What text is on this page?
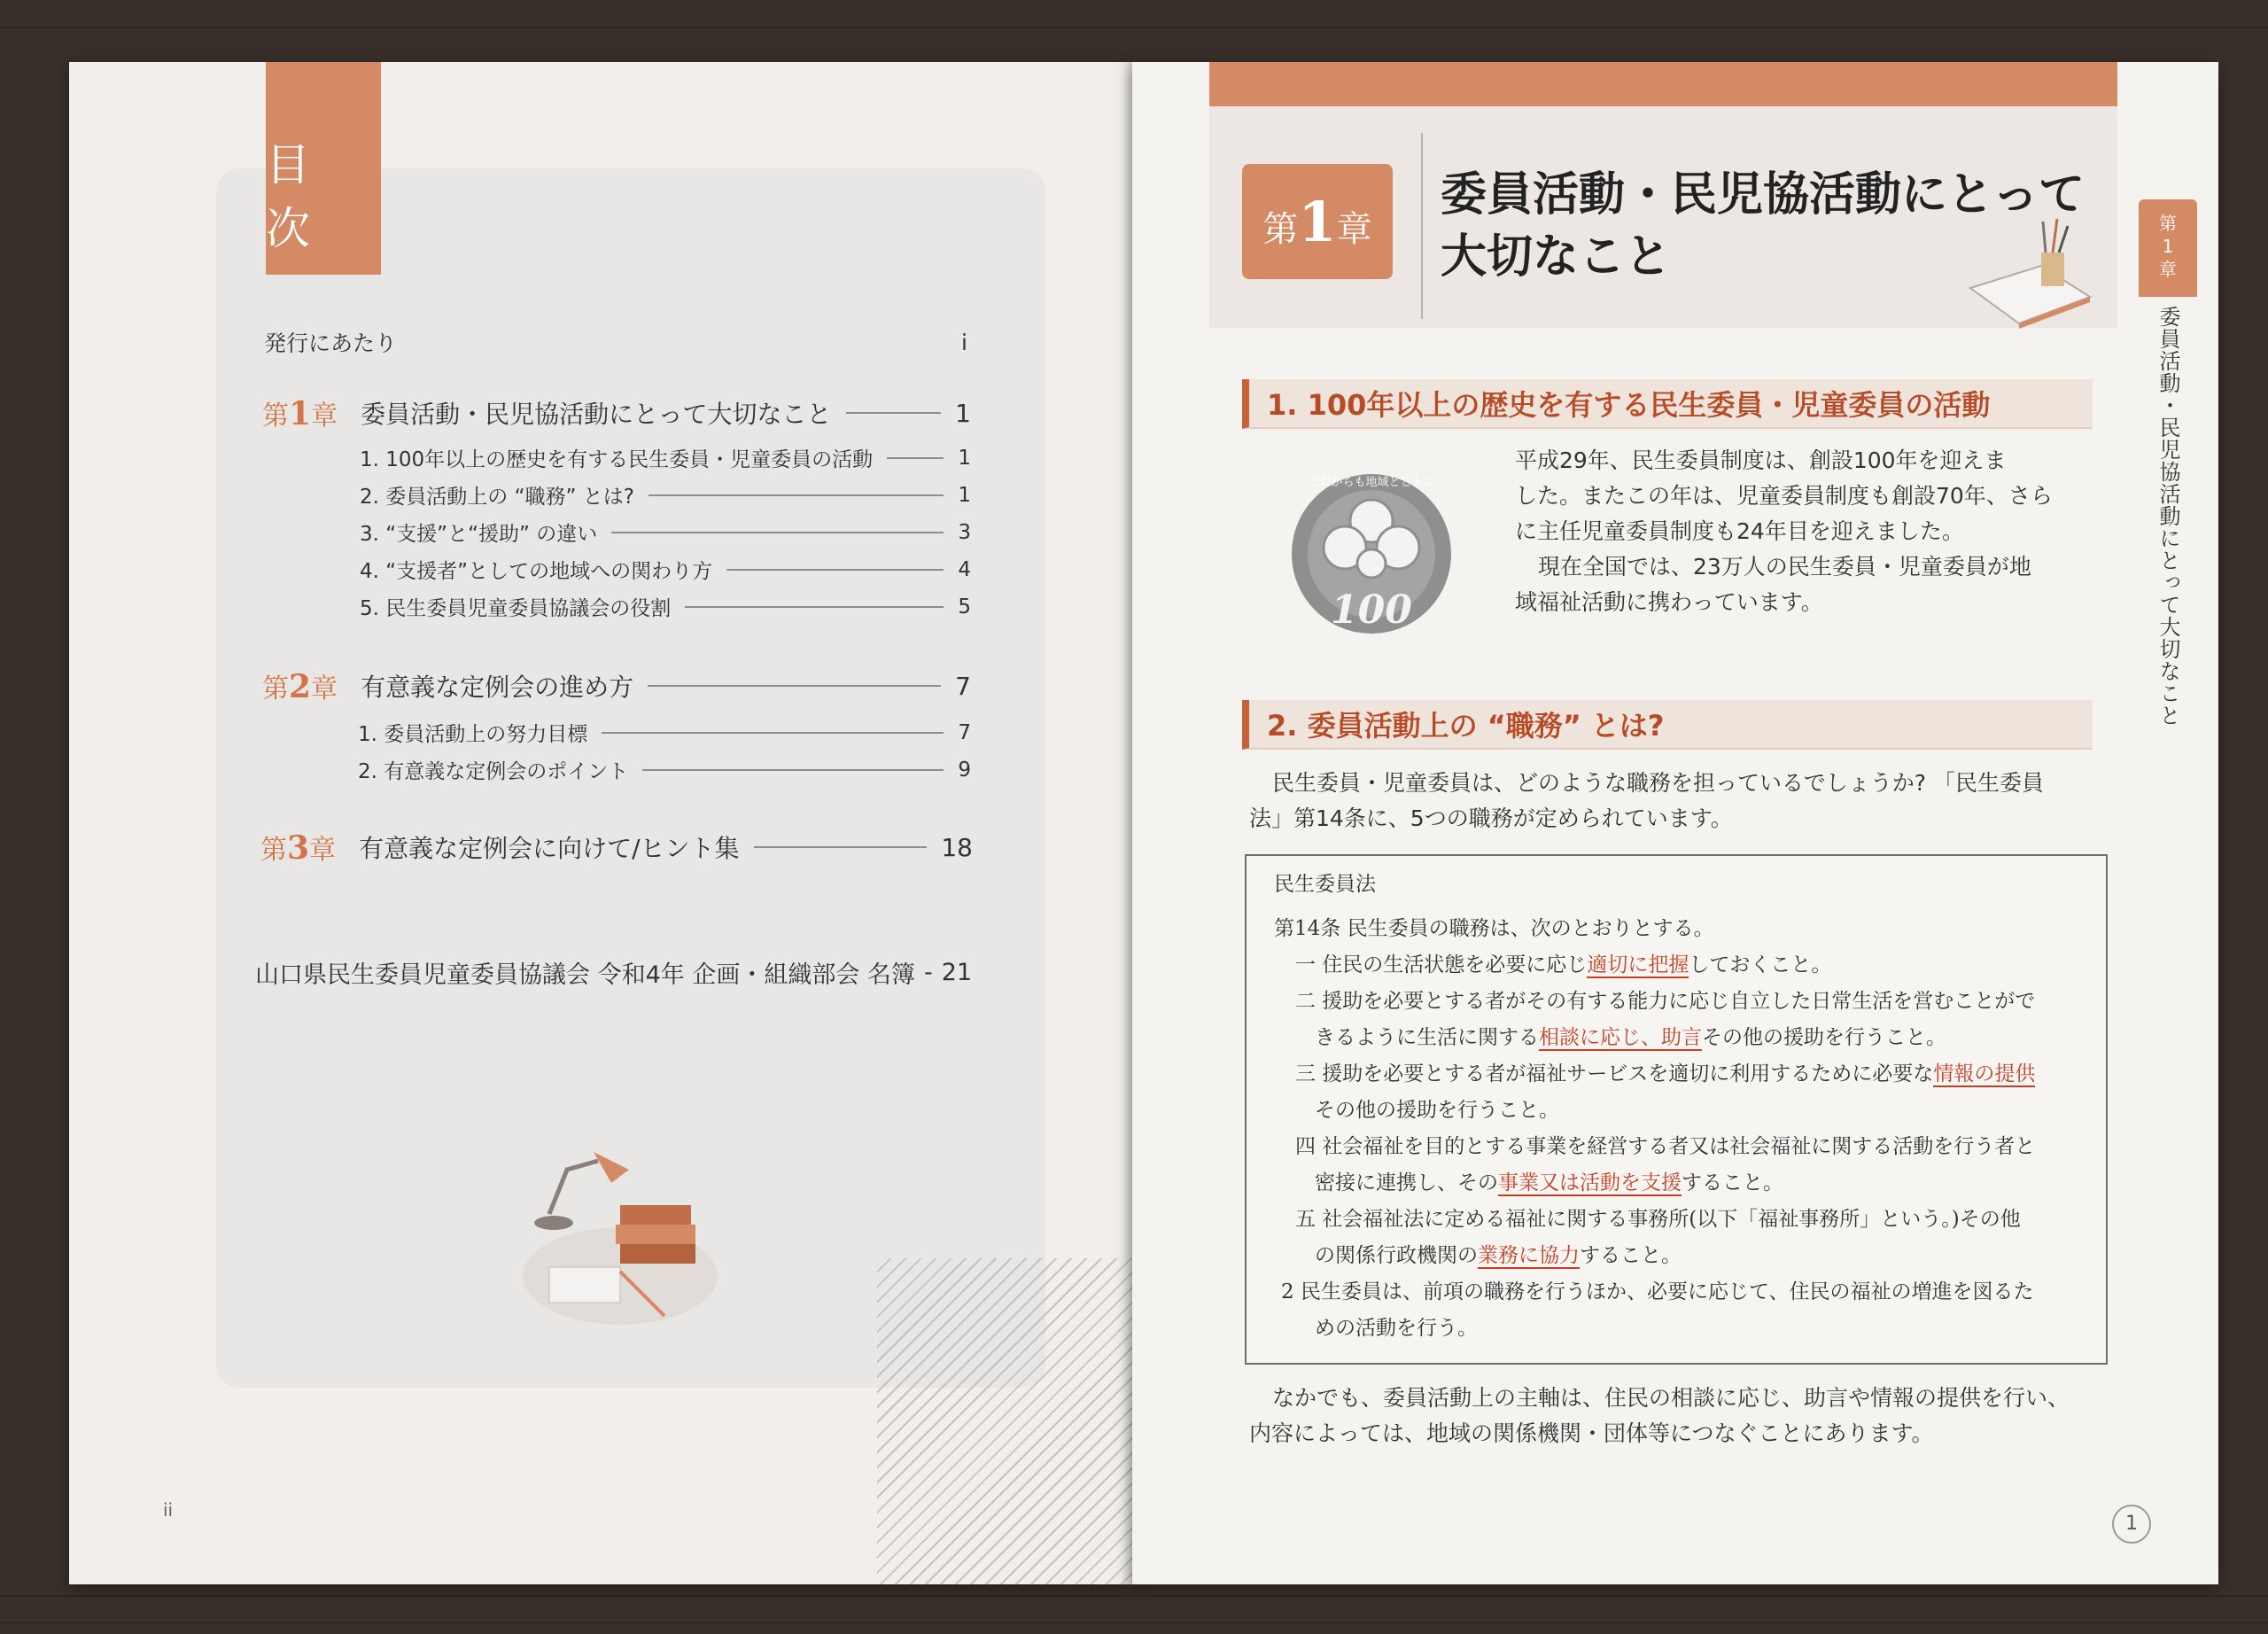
目 次
発行にあたり	i
第1章 委員活動・民児協活動にとって大切なこと	1
1. 100年以上の歴史を有する民生委員・児童委員の活動	1
2. 委員活動上の “職務” とは?	1
3. “支援”と“援助” の違い	3
4. “支援者”としての地域への関わり方	4
5. 民生委員児童委員協議会の役割	5
第2章 有意義な定例会の進め方	7
1. 委員活動上の努力目標	7
2. 有意義な定例会のポイント	9
第3章 有意義な定例会に向けて/ヒント集	18
山口県民生委員児童委員協議会 令和4年 企画・組織部会 名簿 - 21
ii
第1章
委員活動・民児協活動にとって
大切なこと
第
1
章
委員活動・民児協活動にとって大切なこと
1. 100年以上の歴史を有する民生委員・児童委員の活動
100
これからも地域とともに
平成29年、民生委員制度は、創設100年を迎えま
した。またこの年は、児童委員制度も創設70年、さら
に主任児童委員制度も24年目を迎えました。
現在全国では、23万人の民生委員・児童委員が地
域福祉活動に携わっています。
2. 委員活動上の “職務” とは?
民生委員・児童委員は、どのような職務を担っているでしょうか? 「民生委員
法」第14条に、5つの職務が定められています。
民生委員法
第14条 民生委員の職務は、次のとおりとする。
一 住民の生活状態を必要に応じ適切に把握しておくこと。
二 援助を必要とする者がその有する能力に応じ自立した日常生活を営むことがで
きるように生活に関する相談に応じ、助言その他の援助を行うこと。
三 援助を必要とする者が福祉サービスを適切に利用するために必要な情報の提供
その他の援助を行うこと。
四 社会福祉を目的とする事業を経営する者又は社会福祉に関する活動を行う者と
密接に連携し、その事業又は活動を支援すること。
五 社会福祉法に定める福祉に関する事務所(以下「福祉事務所」という。)その他
の関係行政機関の業務に協力すること。
2 民生委員は、前項の職務を行うほか、必要に応じて、住民の福祉の増進を図るた
めの活動を行う。
なかでも、委員活動上の主軸は、住民の相談に応じ、助言や情報の提供を行い、
内容によっては、地域の関係機関・団体等につなぐことにあります。
1
